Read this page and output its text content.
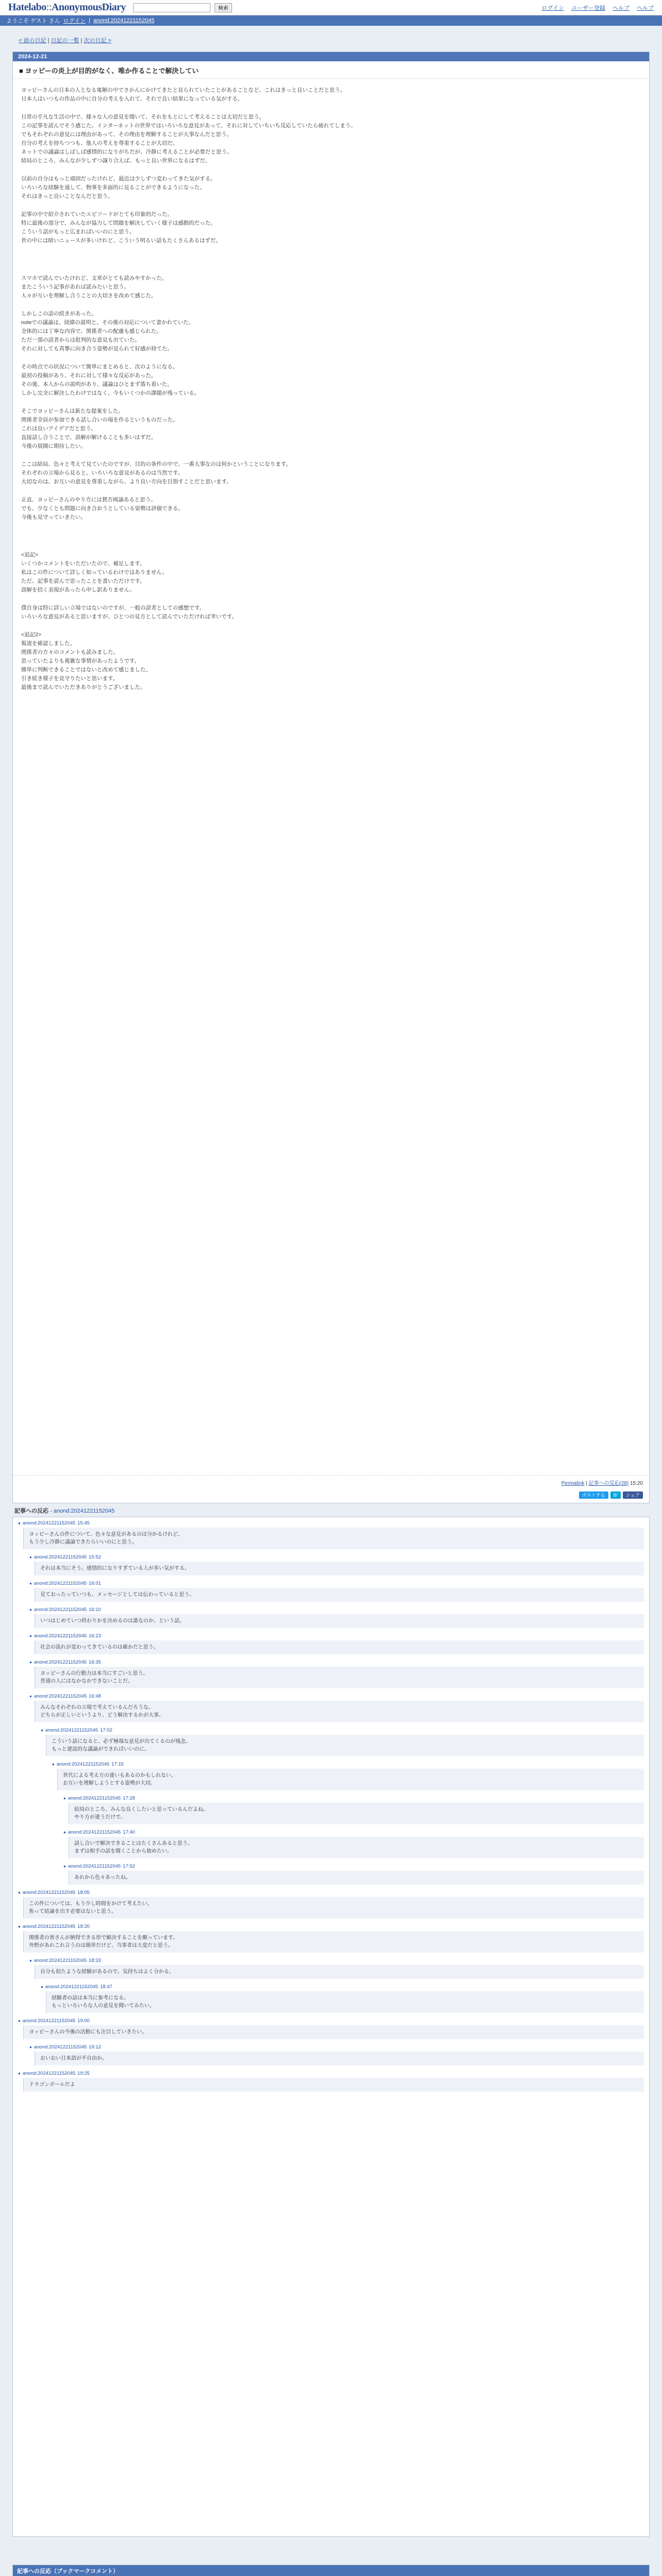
Hatelabo::AnonymousDiary	検索	ログイン ユーザー登録 ヘルプ ヘルプ
ようこそ ゲスト さん ログイン | anond:20241221152045
< 前の日記 | 日記の一覧 | 次の日記 >
2024-12-21
■ ヨッピーの炎上が目的がなく、唯か作ることで解決してい

ヨッピーさんの日本の人となる電解の中でさかんにかけてきたと見られていたことがあることなど、これはきっと良いことだと思う。
日本人はいつもの作品の中に自分の考えを入れて、それで良い結果になっている気がする。

日常の平凡な生活の中で、様々な人の意見を聞いて、それをもとにして考えることは大切だと思う。
この記事を読んでそう感じた。インターネットの世界ではいろいろな意見があって、それに対していちいち反応していたら疲れてしまう。
でもそれぞれの意見には理由があって、その理由を理解することが大事なんだと思う。
自分の考えを持ちつつも、他人の考えを尊重することが大切だ。
ネットでの議論はしばしば感情的になりがちだが、冷静に考えることが必要だと思う。
結局のところ、みんなが少しずつ譲り合えば、もっと良い世界になるはずだ。

以前の自分はもっと頑固だったけれど、最近は少しずつ変わってきた気がする。
いろいろな経験を通して、物事を多面的に見ることができるようになった。
それはきっと良いことなんだと思う。

記事の中で紹介されていたエピソードがとても印象的だった。
特に最後の部分で、みんなが協力して問題を解決していく様子は感動的だった。
こういう話がもっと広まればいいのにと思う。
世の中には暗いニュースが多いけれど、こういう明るい話もたくさんあるはずだ。

スマホで読んでいたけれど、文章がとても読みやすかった。
またこういう記事があれば読みたいと思う。
人々が互いを理解し合うことの大切さを改めて感じた。

しかしこの話の続きがあった。
noteでの議論は、経緯の説明と、その後の対応について書かれていた。
全体的には丁寧な内容で、関係者への配慮も感じられた。
ただ一部の読者からは批判的な意見も出ていた。
それに対しても真摯に向き合う姿勢が見られて好感が持てた。

その時点での状況について簡単にまとめると、次のようになる。
最初の投稿があり、それに対して様々な反応があった。
その後、本人からの説明があり、議論はひとまず落ち着いた。
しかし完全に解決したわけではなく、今もいくつかの課題が残っている。

そこでヨッピーさんは新たな提案をした。
関係者全員が参加できる話し合いの場を作るというものだった。
これは良いアイデアだと思う。
直接話し合うことで、誤解が解けることも多いはずだ。
今後の展開に期待したい。

ここは結局、色々と考えて見ていたのですが、目的の条件の中で、一番大事なのは何かということになります。
それぞれの立場から見ると、いろいろな意見があるのは当然です。
大切なのは、お互いの意見を尊重しながら、より良い方向を目指すことだと思います。

正直、ヨッピーさんのやり方には賛否両論あると思う。
でも、少なくとも問題に向き合おうとしている姿勢は評価できる。
今後も見守っていきたい。

<追記>
いくつかコメントをいただいたので、補足します。
私はこの件について詳しく知っているわけではありません。
ただ、記事を読んで思ったことを書いただけです。
誤解を招く表現があったら申し訳ありません。

僕自身は特に詳しい立場ではないのですが、一般の読者としての感想です。
いろいろな意見があると思いますが、ひとつの見方として読んでいただければ幸いです。

<追記2>
報道を確認しました。
関係者の方々のコメントも読みました。
思っていたよりも複雑な事情があったようです。
簡単に判断できることではないと改めて感じました。
引き続き様子を見守りたいと思います。
最後まで読んでいただきありがとうございました。

Permalink | 記事への反応(28) 15:20
ポストする	B!	シェア
記事への反応 - anond:20241221152045
● anond:20241221152045 15:45
ヨッピーさんの件について、色々な意見があるのは分かるけれど、
もう少し冷静に議論できたらいいのにと思う。
● anond:20241221152045 15:52
それは本当にそう。感情的になりすぎている人が多い気がする。
● anond:20241221152045 16:01
見ておったっていつも、メッセージとしては伝わっていると思う。
● anond:20241221152045 16:10
いつはじめていつ終わりかを決めるのは誰なのか、という話。
● anond:20241221152045 16:23
社会の流れが変わってきているのは確かだと思う。
● anond:20241221152045 16:35
ヨッピーさんの行動力は本当にすごいと思う。
普通の人にはなかなかできないことだ。
● anond:20241221152045 16:48
みんなそれぞれの立場で考えているんだろうな。
どちらが正しいというより、どう解決するかが大事。
● anond:20241221152045 17:02
こういう話になると、必ず極端な意見が出てくるのが残念。
もっと建設的な議論ができればいいのに。
● anond:20241221152045 17:15
世代による考え方の違いもあるのかもしれない。
お互いを理解しようとする姿勢が大切。
● anond:20241221152045 17:28
結局のところ、みんな良くしたいと思っているんだよね。
やり方が違うだけで。
● anond:20241221152045 17:40
話し合いで解決できることはたくさんあると思う。
まずは相手の話を聞くことから始めたい。
● anond:20241221152045 17:52
あれから色々あったね。
● anond:20241221152045 18:05
この件については、もう少し時間をかけて考えたい。
焦って結論を出す必要はないと思う。
● anond:20241221152045 18:20
関係者の皆さんが納得できる形で解決することを願っています。
外野があれこれ言うのは簡単だけど、当事者は大変だと思う。
● anond:20241221152045 18:33
自分も似たような経験があるので、気持ちはよく分かる。
● anond:20241221152045 18:47
経験者の話は本当に参考になる。
もっといろいろな人の意見を聞いてみたい。
● anond:20241221152045 19:00
ヨッピーさんの今後の活動にも注目していきたい。
● anond:20241221152045 19:12
おいおい日本語が不自由か。
● anond:20241221152045 19:25
ドラゴンボールだよ
記事への反応（ブックマークコメント）
